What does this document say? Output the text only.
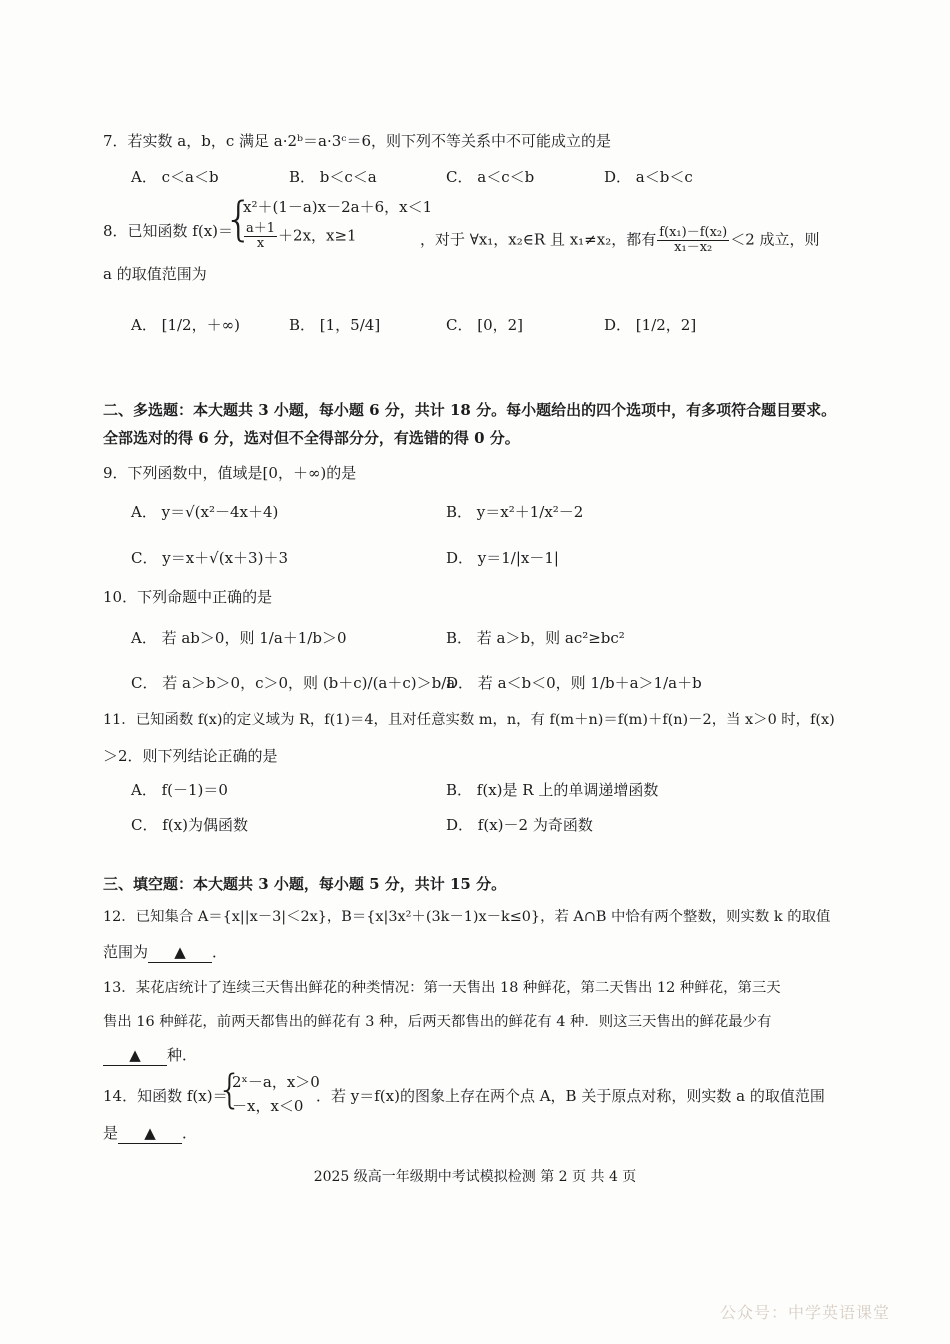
7．若实数 a，b，c 满足 a·2ᵇ＝a·3ᶜ＝6，则下列不等关系中不可能成立的是
A． c＜a＜b	B． b＜c＜a	C． a＜c＜b	D． a＜b＜c
8．已知函数 f(x)＝
{
x²＋(1－a)x－2a＋6，x＜1
$\frac{a+1}{x} +2x$，x≥1	，对于 ∀x₁，x₂∈R 且 x₁≠x₂，都有 $\frac{\text{f(x₁)－f(x₂)}}{\text{x₁－x₂}} <2$ 成立，则
a 的取值范围为
A． [1/2，＋∞)	B． [1，5/4]	C． [0，2]	D． [1/2，2]
二、多选题：本大题共 3 小题，每小题 6 分，共计 18 分。每小题给出的四个选项中，有多项符合题目要求。
全部选对的得 6 分，选对但不全得部分分，有选错的得 0 分。
9．下列函数中，值域是[0，＋∞)的是
A． y＝√(x²－4x＋4)	B． y＝x²＋1/x²－2
C． y＝x＋√(x＋3)＋3	D． y＝1/|x－1|
10．下列命题中正确的是
A． 若 ab＞0，则 1/a＋1/b＞0	B． 若 a＞b，则 ac²≥bc²
C． 若 a＞b＞0，c＞0，则 (b＋c)/(a＋c)＞b/a
D． 若 a＜b＜0，则 1/b＋a＞1/a＋b
11．已知函数 f(x)的定义域为 R，f(1)＝4，且对任意实数 m，n，有 f(m＋n)＝f(m)＋f(n)－2，当 x＞0 时，f(x)
＞2．则下列结论正确的是
A． f(－1)＝0	B． f(x)是 R 上的单调递增函数
C． f(x)为偶函数	D． f(x)－2 为奇函数
三、填空题：本大题共 3 小题，每小题 5 分，共计 15 分。
12．已知集合 A＝{x||x－3|＜2x}，B＝{x|3x²＋(3k－1)x－k≤0}，若 A∩B 中恰有两个整数，则实数 k 的取值
范围为 ▲ ．
13．某花店统计了连续三天售出鲜花的种类情况：第一天售出 18 种鲜花，第二天售出 12 种鲜花，第三天
售出 16 种鲜花，前两天都售出的鲜花有 3 种，后两天都售出的鲜花有 4 种．则这三天售出的鲜花最少有
▲ 种．
14．知函数 f(x)＝
{
2ˣ－a，x＞0
－x，x＜0
．若 y＝f(x)的图象上存在两个点 A，B 关于原点对称，则实数 a 的取值范围
是 ▲ ．
2025 级高一年级期中考试模拟检测 第 2 页 共 4 页
公众号：中学英语课堂
